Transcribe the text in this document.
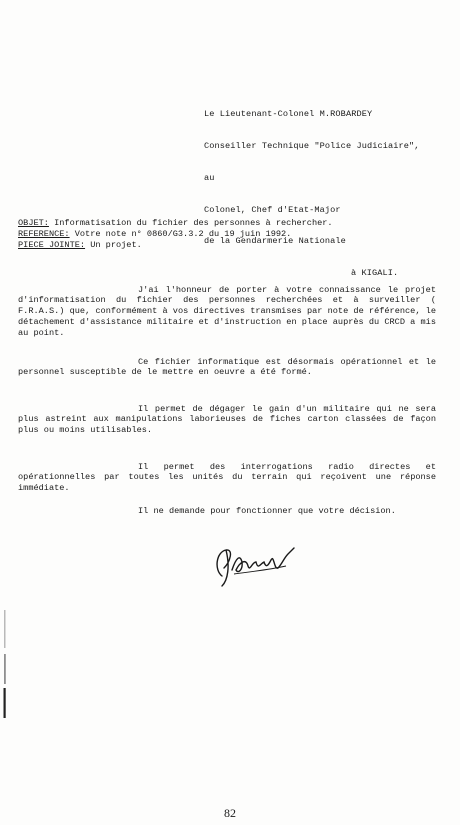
Le Lieutenant-Colonel M.ROBARDEY

Conseiller Technique "Police Judiciaire",

au

Colonel, Chef d'Etat-Major

de la Gendarmerie Nationale

à KIGALI.

OBJET: Informatisation du fichier des personnes à rechercher.
REFERENCE: Votre note n° 0860/G3.3.2 du 19 juin 1992.
PIECE JOINTE: Un projet.

J'ai l'honneur de porter à votre connaissance le projet d'informatisation du fichier des personnes recherchées et à surveiller ( F.R.A.S.) que, conformément à vos directives transmises par note de référence, le détachement d'assistance militaire et d'instruction en place auprès du CRCD a mis au point.

Ce fichier informatique est désormais opérationnel et le personnel susceptible de le mettre en oeuvre a été formé.

Il permet de dégager le gain d'un militaire qui ne sera plus astreint aux manipulations laborieuses de fiches carton classées de façon plus ou moins utilisables.

Il permet des interrogations radio directes et opérationnelles par toutes les unités du terrain qui reçoivent une réponse immédiate.

Il ne demande pour fonctionner que votre décision.

82
